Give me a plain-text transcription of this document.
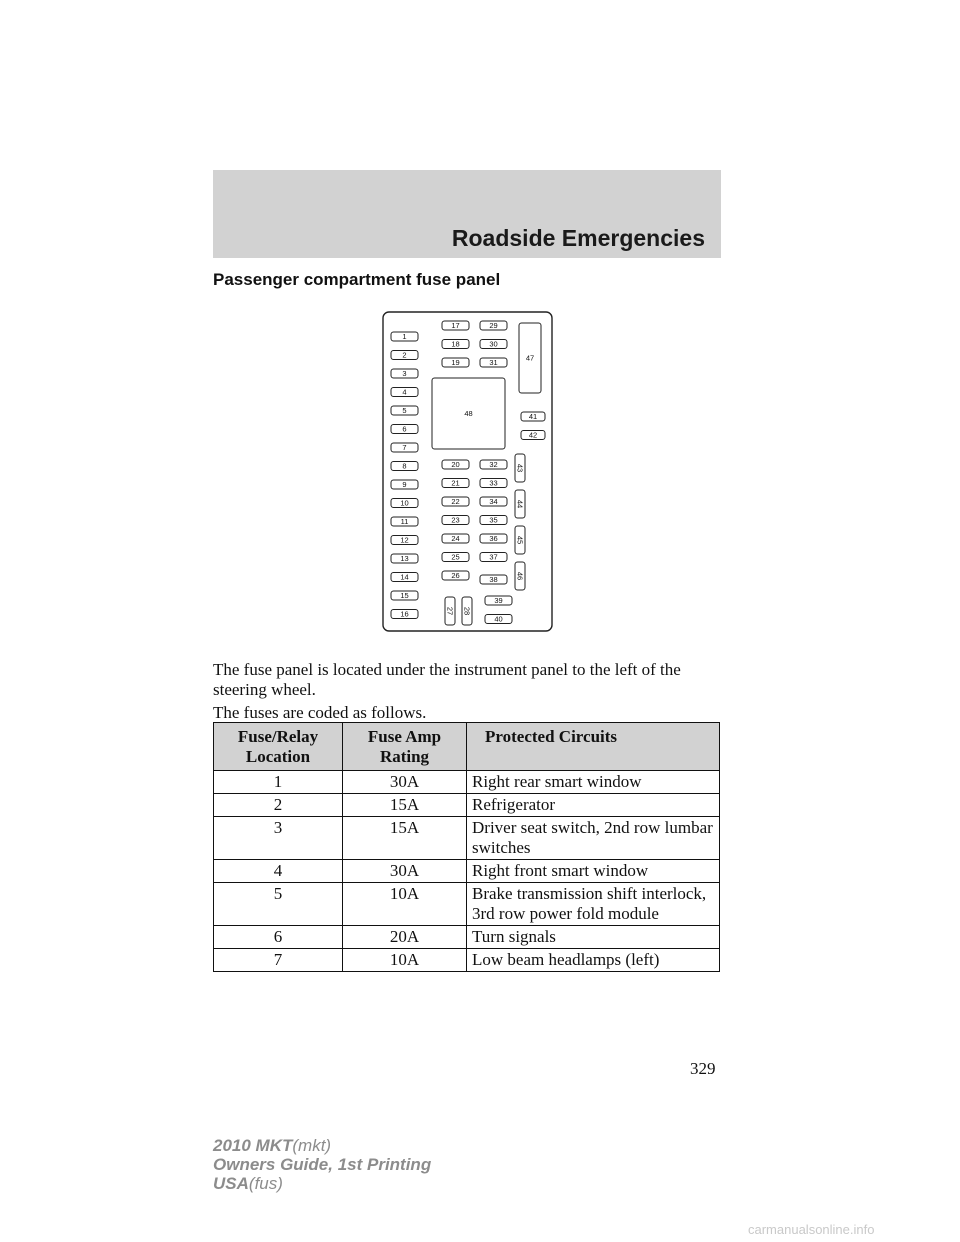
Roadside Emergencies
Passenger compartment fuse panel
1
2
3
4
5
6
7
8
9
10
11
12
13
14
15
16
17
18
19
29
30
31	47
48	41
42
20
21
22
23
24
25
26
32
33
34
35
36
37
38
43
44
45
46
27 28
39
40
The fuse panel is located under the instrument panel to the left of the steering wheel.
The fuses are coded as follows.
Fuse/Relay Location	Fuse Amp Rating	Protected Circuits
1	30A	Right rear smart window
2	15A	Refrigerator
3	15A	Driver seat switch, 2nd row lumbar switches
4	30A	Right front smart window
5	10A	Brake transmission shift interlock, 3rd row power fold module
6	20A	Turn signals
7	10A	Low beam headlamps (left)
329
2010 MKT(mkt)
Owners Guide, 1st Printing
USA(fus)
carmanualsonline.info
